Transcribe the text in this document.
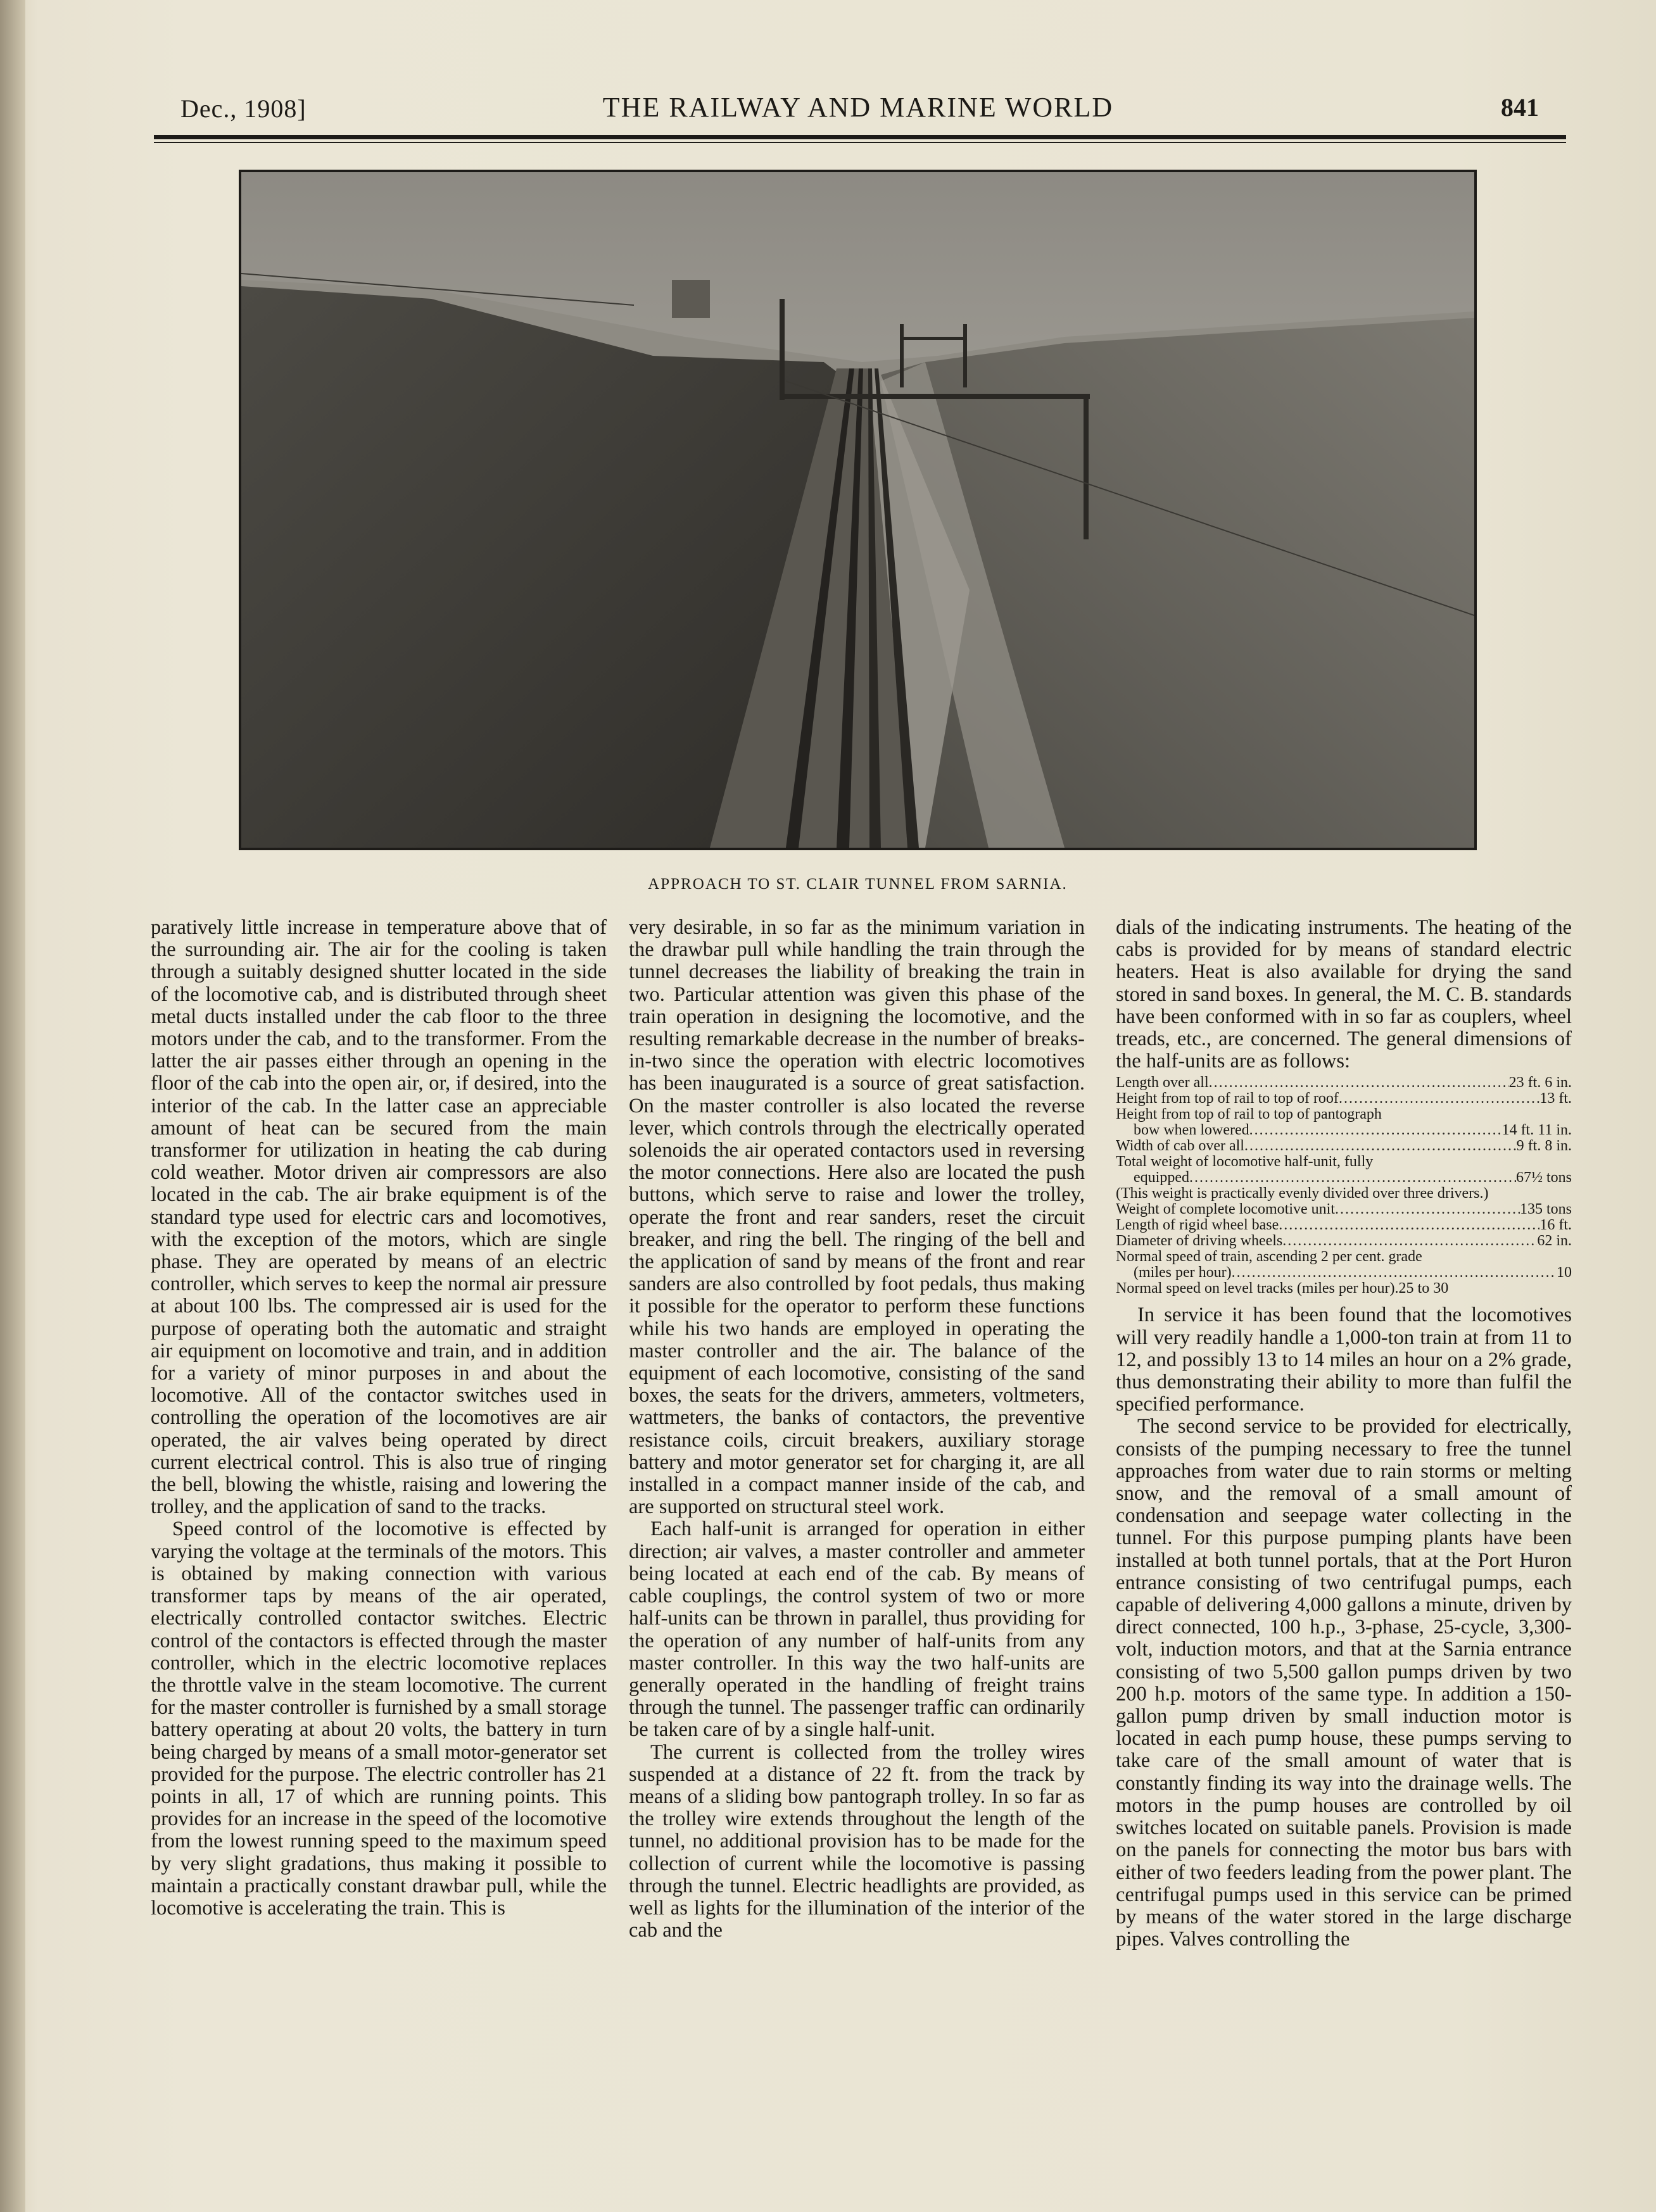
Dec., 1908]	THE RAILWAY AND MARINE WORLD	841
APPROACH TO ST. CLAIR TUNNEL FROM SARNIA.

paratively little increase in temperature above that of the surrounding air. The air for the cooling is taken through a suitably designed shutter located in the side of the locomotive cab, and is distributed through sheet metal ducts installed under the cab floor to the three motors under the cab, and to the transformer. From the latter the air passes either through an opening in the floor of the cab into the open air, or, if desired, into the interior of the cab. In the latter case an appreciable amount of heat can be secured from the main transformer for utilization in heating the cab during cold weather. Motor driven air compressors are also located in the cab. The air brake equipment is of the standard type used for electric cars and locomotives, with the exception of the motors, which are single phase. They are operated by means of an electric controller, which serves to keep the normal air pressure at about 100 lbs. The compressed air is used for the purpose of operating both the automatic and straight air equipment on locomotive and train, and in addition for a variety of minor purposes in and about the locomotive. All of the contactor switches used in controlling the operation of the locomotives are air operated, the air valves being operated by direct current electrical control. This is also true of ringing the bell, blowing the whistle, raising and lowering the trolley, and the application of sand to the tracks.

Speed control of the locomotive is effected by varying the voltage at the terminals of the motors. This is obtained by making connection with various transformer taps by means of the air operated, electrically controlled contactor switches. Electric control of the contactors is effected through the master controller, which in the electric locomotive replaces the throttle valve in the steam locomotive. The current for the master controller is furnished by a small storage battery operating at about 20 volts, the battery in turn being charged by means of a small motor-generator set provided for the purpose. The electric controller has 21 points in all, 17 of which are running points. This provides for an increase in the speed of the locomotive from the lowest running speed to the maximum speed by very slight gradations, thus making it possible to maintain a practically constant drawbar pull, while the locomotive is accelerating the train. This is

very desirable, in so far as the minimum variation in the drawbar pull while handling the train through the tunnel decreases the liability of breaking the train in two. Particular attention was given this phase of the train operation in designing the locomotive, and the resulting remarkable decrease in the number of breaks-in-two since the operation with electric locomotives has been inaugurated is a source of great satisfaction. On the master controller is also located the reverse lever, which controls through the electrically operated solenoids the air operated contactors used in reversing the motor connections. Here also are located the push buttons, which serve to raise and lower the trolley, operate the front and rear sanders, reset the circuit breaker, and ring the bell. The ringing of the bell and the application of sand by means of the front and rear sanders are also controlled by foot pedals, thus making it possible for the operator to perform these functions while his two hands are employed in operating the master controller and the air. The balance of the equipment of each locomotive, consisting of the sand boxes, the seats for the drivers, ammeters, voltmeters, wattmeters, the banks of contactors, the preventive resistance coils, circuit breakers, auxiliary storage battery and motor generator set for charging it, are all installed in a compact manner inside of the cab, and are supported on structural steel work.

Each half-unit is arranged for operation in either direction; air valves, a master controller and ammeter being located at each end of the cab. By means of cable couplings, the control system of two or more half-units can be thrown in parallel, thus providing for the operation of any number of half-units from any master controller. In this way the two half-units are generally operated in the handling of freight trains through the tunnel. The passenger traffic can ordinarily be taken care of by a single half-unit.

The current is collected from the trolley wires suspended at a distance of 22 ft. from the track by means of a sliding bow pantograph trolley. In so far as the trolley wire extends throughout the length of the tunnel, no additional provision has to be made for the collection of current while the locomotive is passing through the tunnel. Electric headlights are provided, as well as lights for the illumination of the interior of the cab and the

dials of the indicating instruments. The heating of the cabs is provided for by means of standard electric heaters. Heat is also available for drying the sand stored in sand boxes. In general, the M. C. B. standards have been conformed with in so far as couplers, wheel treads, etc., are concerned. The general dimensions of the half-units are as follows:

Length over all .....	23 ft. 6 in.
Height from top of rail to top of roof .....	13 ft.
Height from top of rail to top of pantograph
bow when lowered .....	14 ft. 11 in.
Width of cab over all .....	9 ft. 8 in.
Total weight of locomotive half-unit, fully
equipped .....	67½ tons
(This weight is practically evenly divided over three drivers.)
Weight of complete locomotive unit .....	135 tons
Length of rigid wheel base .....	16 ft.
Diameter of driving wheels .....	62 in.
Normal speed of train, ascending 2 per cent. grade
(miles per hour) .....	10
Normal speed on level tracks (miles per hour) .25 to 30

In service it has been found that the locomotives will very readily handle a 1,000-ton train at from 11 to 12, and possibly 13 to 14 miles an hour on a 2% grade, thus demonstrating their ability to more than fulfil the specified performance.

The second service to be provided for electrically, consists of the pumping necessary to free the tunnel approaches from water due to rain storms or melting snow, and the removal of a small amount of condensation and seepage water collecting in the tunnel. For this purpose pumping plants have been installed at both tunnel portals, that at the Port Huron entrance consisting of two centrifugal pumps, each capable of delivering 4,000 gallons a minute, driven by direct connected, 100 h.p., 3-phase, 25-cycle, 3,300-volt, induction motors, and that at the Sarnia entrance consisting of two 5,500 gallon pumps driven by two 200 h.p. motors of the same type. In addition a 150-gallon pump driven by small induction motor is located in each pump house, these pumps serving to take care of the small amount of water that is constantly finding its way into the drainage wells. The motors in the pump houses are controlled by oil switches located on suitable panels. Provision is made on the panels for connecting the motor bus bars with either of two feeders leading from the power plant. The centrifugal pumps used in this service can be primed by means of the water stored in the large discharge pipes. Valves controlling the
